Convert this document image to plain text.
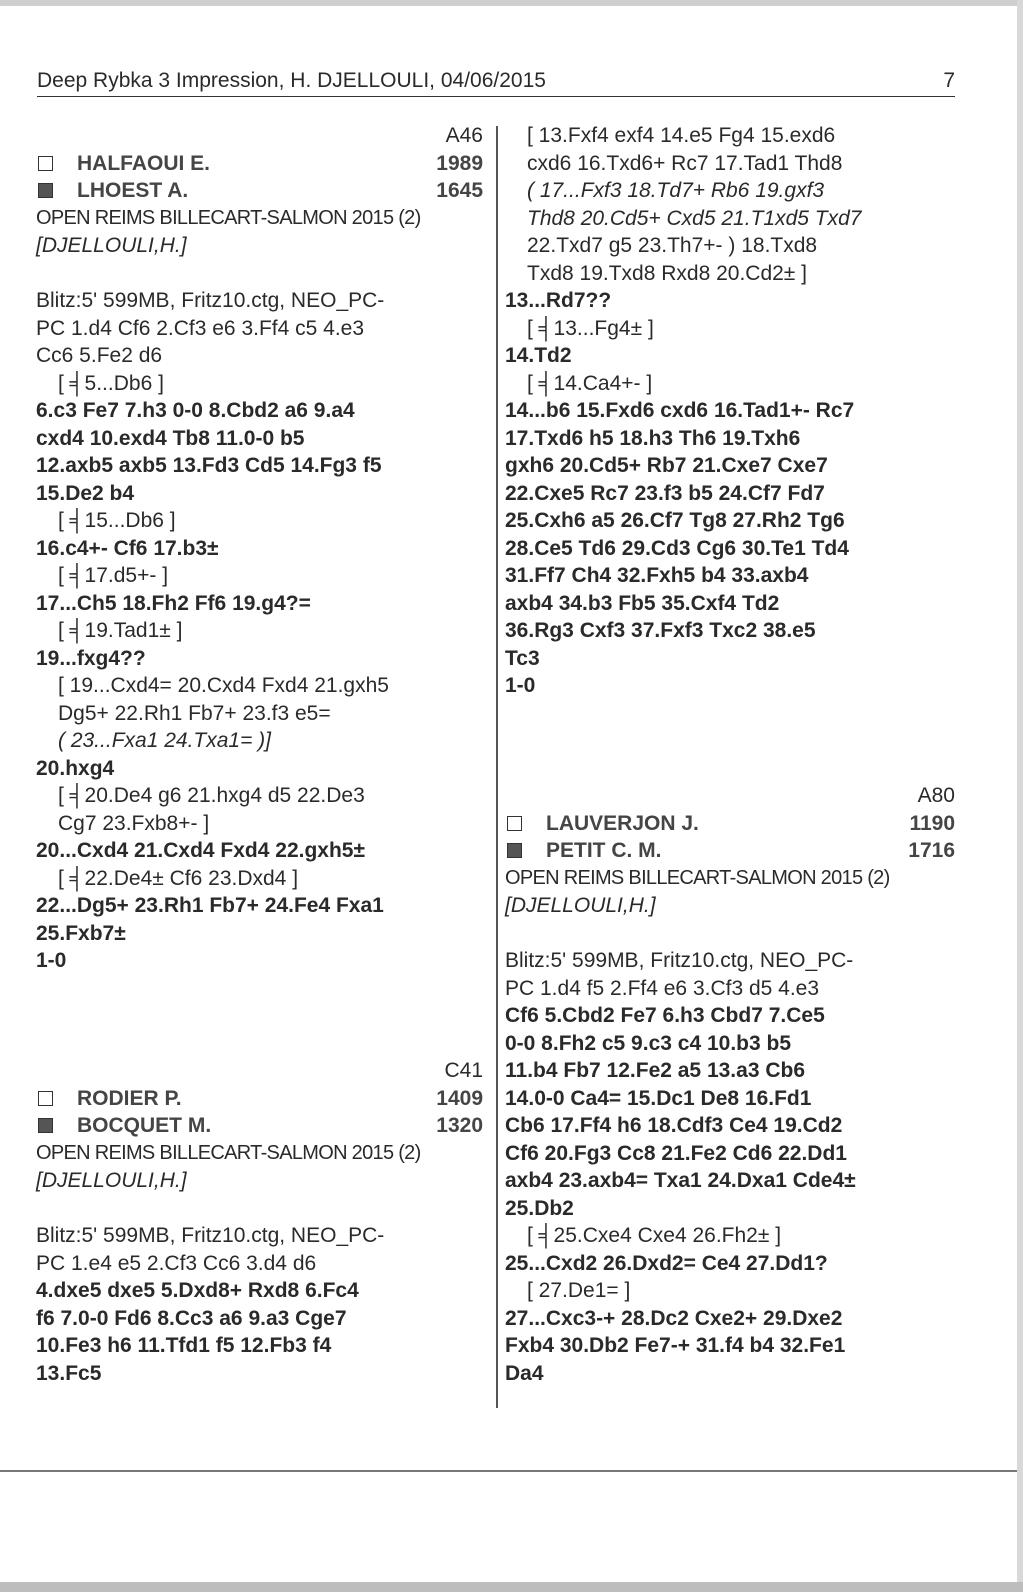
Deep Rybka 3 Impression, H. DJELLOULI, 04/06/2015	7
A46
HALFAOUI E.	1989
LHOEST A.	1645
OPEN REIMS BILLECART-SALMON 2015 (2)
[DJELLOULI,H.]
Blitz:5' 599MB, Fritz10.ctg, NEO_PC-
PC 1.d4 Cf6 2.Cf3 e6 3.Ff4 c5 4.e3
Cc6 5.Fe2 d6
[ ╡5...Db6 ]
6.c3 Fe7 7.h3 0-0 8.Cbd2 a6 9.a4
cxd4 10.exd4 Tb8 11.0-0 b5
12.axb5 axb5 13.Fd3 Cd5 14.Fg3 f5
15.De2 b4
[ ╡15...Db6 ]
16.c4+- Cf6 17.b3±
[ ╡17.d5+- ]
17...Ch5 18.Fh2 Ff6 19.g4?=
[ ╡19.Tad1± ]
19...fxg4??
[ 19...Cxd4= 20.Cxd4 Fxd4 21.gxh5
Dg5+ 22.Rh1 Fb7+ 23.f3 e5=
( 23...Fxa1 24.Txa1= )]
20.hxg4
[ ╡20.De4 g6 21.hxg4 d5 22.De3
Cg7 23.Fxb8+- ]
20...Cxd4 21.Cxd4 Fxd4 22.gxh5±
[ ╡22.De4± Cf6 23.Dxd4 ]
22...Dg5+ 23.Rh1 Fb7+ 24.Fe4 Fxa1
25.Fxb7±
1-0
C41
RODIER P.	1409
BOCQUET M.	1320
OPEN REIMS BILLECART-SALMON 2015 (2)
[DJELLOULI,H.]
Blitz:5' 599MB, Fritz10.ctg, NEO_PC-
PC 1.e4 e5 2.Cf3 Cc6 3.d4 d6
4.dxe5 dxe5 5.Dxd8+ Rxd8 6.Fc4
f6 7.0-0 Fd6 8.Cc3 a6 9.a3 Cge7
10.Fe3 h6 11.Tfd1 f5 12.Fb3 f4
13.Fc5
[ 13.Fxf4 exf4 14.e5 Fg4 15.exd6
cxd6 16.Txd6+ Rc7 17.Tad1 Thd8
( 17...Fxf3 18.Td7+ Rb6 19.gxf3
Thd8 20.Cd5+ Cxd5 21.T1xd5 Txd7
22.Txd7 g5 23.Th7+- ) 18.Txd8
Txd8 19.Txd8 Rxd8 20.Cd2± ]
13...Rd7??
[ ╡13...Fg4± ]
14.Td2
[ ╡14.Ca4+- ]
14...b6 15.Fxd6 cxd6 16.Tad1+- Rc7
17.Txd6 h5 18.h3 Th6 19.Txh6
gxh6 20.Cd5+ Rb7 21.Cxe7 Cxe7
22.Cxe5 Rc7 23.f3 b5 24.Cf7 Fd7
25.Cxh6 a5 26.Cf7 Tg8 27.Rh2 Tg6
28.Ce5 Td6 29.Cd3 Cg6 30.Te1 Td4
31.Ff7 Ch4 32.Fxh5 b4 33.axb4
axb4 34.b3 Fb5 35.Cxf4 Td2
36.Rg3 Cxf3 37.Fxf3 Txc2 38.e5
Tc3
1-0
A80
LAUVERJON J.	1190
PETIT C. M.	1716
OPEN REIMS BILLECART-SALMON 2015 (2)
[DJELLOULI,H.]
Blitz:5' 599MB, Fritz10.ctg, NEO_PC-
PC 1.d4 f5 2.Ff4 e6 3.Cf3 d5 4.e3
Cf6 5.Cbd2 Fe7 6.h3 Cbd7 7.Ce5
0-0 8.Fh2 c5 9.c3 c4 10.b3 b5
11.b4 Fb7 12.Fe2 a5 13.a3 Cb6
14.0-0 Ca4= 15.Dc1 De8 16.Fd1
Cb6 17.Ff4 h6 18.Cdf3 Ce4 19.Cd2
Cf6 20.Fg3 Cc8 21.Fe2 Cd6 22.Dd1
axb4 23.axb4= Txa1 24.Dxa1 Cde4±
25.Db2
[ ╡25.Cxe4 Cxe4 26.Fh2± ]
25...Cxd2 26.Dxd2= Ce4 27.Dd1?
[ 27.De1= ]
27...Cxc3-+ 28.Dc2 Cxe2+ 29.Dxe2
Fxb4 30.Db2 Fe7-+ 31.f4 b4 32.Fe1
Da4
